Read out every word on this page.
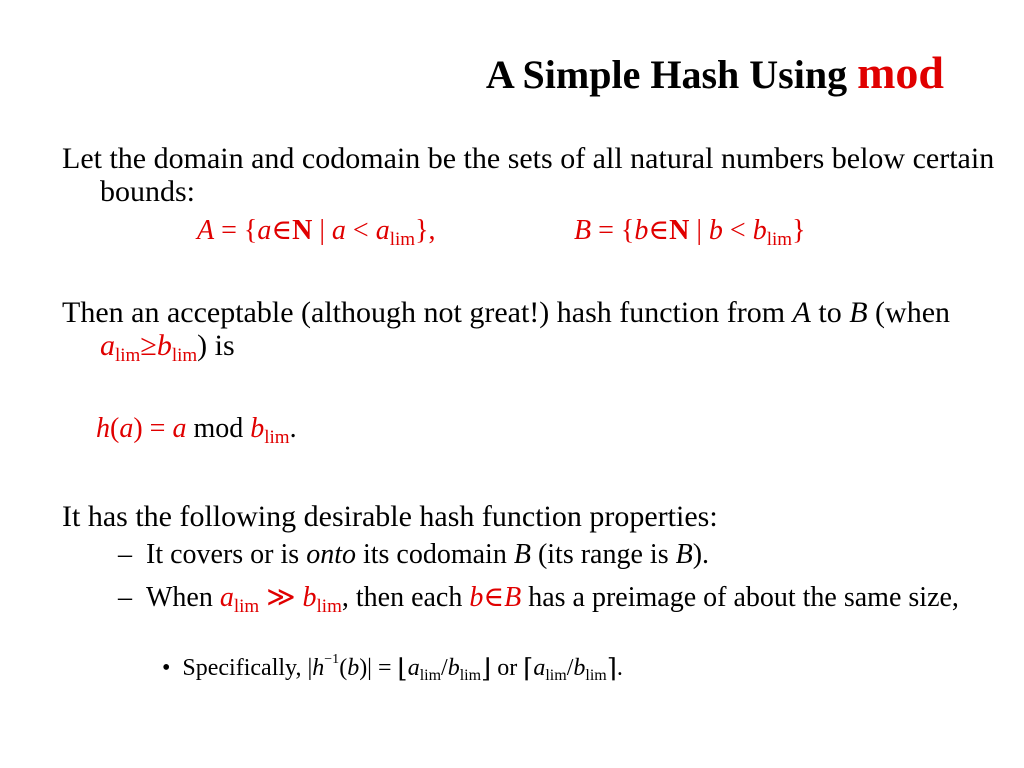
A Simple Hash Using mod
Let the domain and codomain be the sets of all natural numbers below certain bounds:
A = {a∈N | $a < a_{lim}$},	B = {b∈N | $b < b_{lim}$}
Then an acceptable (although not great!) hash function from A to B (when $a_{lim}\ge b_{lim}$) is
h(a) = a mod $b_{lim}$.
It has the following desirable hash function properties:
– It covers or is onto its codomain B (its range is B).
– When $a_{lim}$ ≫ $b_{lim}$, then each b∈B has a preimage of about the same size,
• Specifically, $|h^{-1}(b)|$ = $⌊a_{lim}/b_{lim}⌋$ or $⌈a_{lim}/b_{lim}⌉$.
